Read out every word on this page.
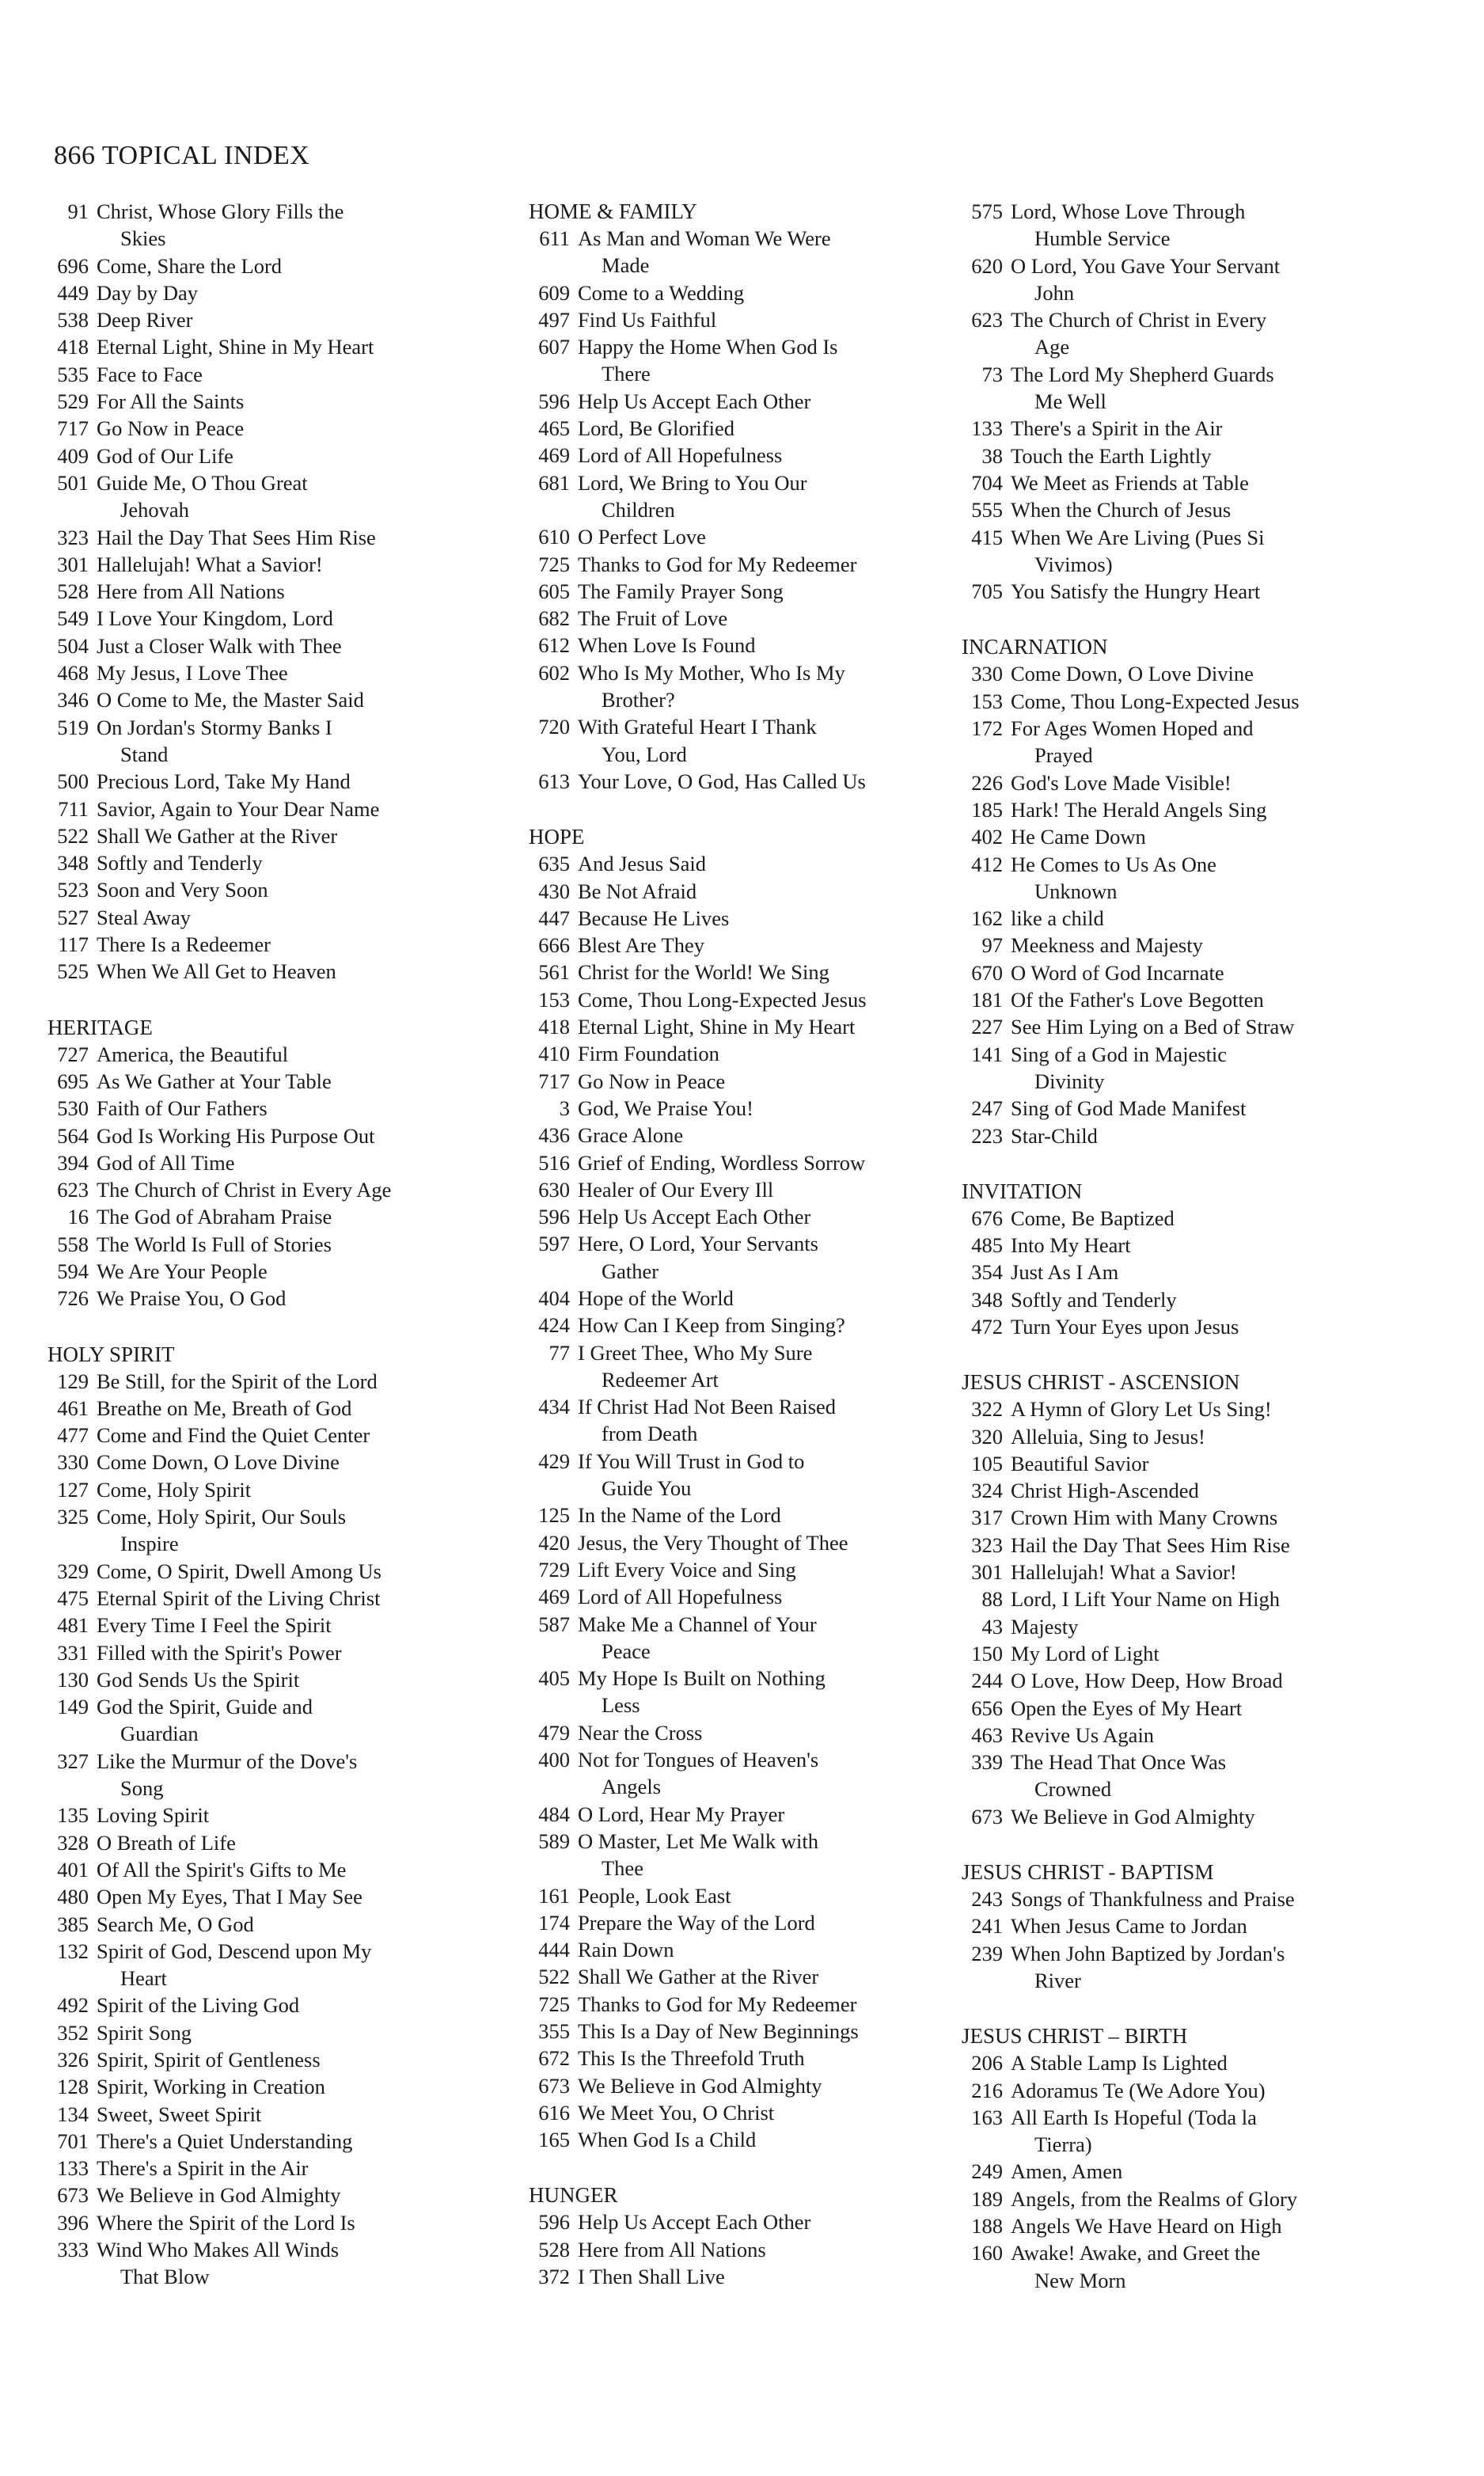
866 TOPICAL INDEX
91 Christ, Whose Glory Fills the
Skies
696 Come, Share the Lord
449 Day by Day
538 Deep River
418 Eternal Light, Shine in My Heart
535 Face to Face
529 For All the Saints
717 Go Now in Peace
409 God of Our Life
501 Guide Me, O Thou Great
Jehovah
323 Hail the Day That Sees Him Rise
301 Hallelujah! What a Savior!
528 Here from All Nations
549 I Love Your Kingdom, Lord
504 Just a Closer Walk with Thee
468 My Jesus, I Love Thee
346 O Come to Me, the Master Said
519 On Jordan's Stormy Banks I
Stand
500 Precious Lord, Take My Hand
711 Savior, Again to Your Dear Name
522 Shall We Gather at the River
348 Softly and Tenderly
523 Soon and Very Soon
527 Steal Away
117 There Is a Redeemer
525 When We All Get to Heaven
HERITAGE
727 America, the Beautiful
695 As We Gather at Your Table
530 Faith of Our Fathers
564 God Is Working His Purpose Out
394 God of All Time
623 The Church of Christ in Every Age
16 The God of Abraham Praise
558 The World Is Full of Stories
594 We Are Your People
726 We Praise You, O God
HOLY SPIRIT
129 Be Still, for the Spirit of the Lord
461 Breathe on Me, Breath of God
477 Come and Find the Quiet Center
330 Come Down, O Love Divine
127 Come, Holy Spirit
325 Come, Holy Spirit, Our Souls
Inspire
329 Come, O Spirit, Dwell Among Us
475 Eternal Spirit of the Living Christ
481 Every Time I Feel the Spirit
331 Filled with the Spirit's Power
130 God Sends Us the Spirit
149 God the Spirit, Guide and
Guardian
327 Like the Murmur of the Dove's
Song
135 Loving Spirit
328 O Breath of Life
401 Of All the Spirit's Gifts to Me
480 Open My Eyes, That I May See
385 Search Me, O God
132 Spirit of God, Descend upon My
Heart
492 Spirit of the Living God
352 Spirit Song
326 Spirit, Spirit of Gentleness
128 Spirit, Working in Creation
134 Sweet, Sweet Spirit
701 There's a Quiet Understanding
133 There's a Spirit in the Air
673 We Believe in God Almighty
396 Where the Spirit of the Lord Is
333 Wind Who Makes All Winds
That Blow
HOME & FAMILY
611 As Man and Woman We Were
Made
609 Come to a Wedding
497 Find Us Faithful
607 Happy the Home When God Is
There
596 Help Us Accept Each Other
465 Lord, Be Glorified
469 Lord of All Hopefulness
681 Lord, We Bring to You Our
Children
610 O Perfect Love
725 Thanks to God for My Redeemer
605 The Family Prayer Song
682 The Fruit of Love
612 When Love Is Found
602 Who Is My Mother, Who Is My
Brother?
720 With Grateful Heart I Thank
You, Lord
613 Your Love, O God, Has Called Us
HOPE
635 And Jesus Said
430 Be Not Afraid
447 Because He Lives
666 Blest Are They
561 Christ for the World! We Sing
153 Come, Thou Long-Expected Jesus
418 Eternal Light, Shine in My Heart
410 Firm Foundation
717 Go Now in Peace
3 God, We Praise You!
436 Grace Alone
516 Grief of Ending, Wordless Sorrow
630 Healer of Our Every Ill
596 Help Us Accept Each Other
597 Here, O Lord, Your Servants
Gather
404 Hope of the World
424 How Can I Keep from Singing?
77 I Greet Thee, Who My Sure
Redeemer Art
434 If Christ Had Not Been Raised
from Death
429 If You Will Trust in God to
Guide You
125 In the Name of the Lord
420 Jesus, the Very Thought of Thee
729 Lift Every Voice and Sing
469 Lord of All Hopefulness
587 Make Me a Channel of Your
Peace
405 My Hope Is Built on Nothing
Less
479 Near the Cross
400 Not for Tongues of Heaven's
Angels
484 O Lord, Hear My Prayer
589 O Master, Let Me Walk with
Thee
161 People, Look East
174 Prepare the Way of the Lord
444 Rain Down
522 Shall We Gather at the River
725 Thanks to God for My Redeemer
355 This Is a Day of New Beginnings
672 This Is the Threefold Truth
673 We Believe in God Almighty
616 We Meet You, O Christ
165 When God Is a Child
HUNGER
596 Help Us Accept Each Other
528 Here from All Nations
372 I Then Shall Live
575 Lord, Whose Love Through
Humble Service
620 O Lord, You Gave Your Servant
John
623 The Church of Christ in Every
Age
73 The Lord My Shepherd Guards
Me Well
133 There's a Spirit in the Air
38 Touch the Earth Lightly
704 We Meet as Friends at Table
555 When the Church of Jesus
415 When We Are Living (Pues Si
Vivimos)
705 You Satisfy the Hungry Heart
INCARNATION
330 Come Down, O Love Divine
153 Come, Thou Long-Expected Jesus
172 For Ages Women Hoped and
Prayed
226 God's Love Made Visible!
185 Hark! The Herald Angels Sing
402 He Came Down
412 He Comes to Us As One
Unknown
162 like a child
97 Meekness and Majesty
670 O Word of God Incarnate
181 Of the Father's Love Begotten
227 See Him Lying on a Bed of Straw
141 Sing of a God in Majestic
Divinity
247 Sing of God Made Manifest
223 Star-Child
INVITATION
676 Come, Be Baptized
485 Into My Heart
354 Just As I Am
348 Softly and Tenderly
472 Turn Your Eyes upon Jesus
JESUS CHRIST - ASCENSION
322 A Hymn of Glory Let Us Sing!
320 Alleluia, Sing to Jesus!
105 Beautiful Savior
324 Christ High-Ascended
317 Crown Him with Many Crowns
323 Hail the Day That Sees Him Rise
301 Hallelujah! What a Savior!
88 Lord, I Lift Your Name on High
43 Majesty
150 My Lord of Light
244 O Love, How Deep, How Broad
656 Open the Eyes of My Heart
463 Revive Us Again
339 The Head That Once Was
Crowned
673 We Believe in God Almighty
JESUS CHRIST - BAPTISM
243 Songs of Thankfulness and Praise
241 When Jesus Came to Jordan
239 When John Baptized by Jordan's
River
JESUS CHRIST – BIRTH
206 A Stable Lamp Is Lighted
216 Adoramus Te (We Adore You)
163 All Earth Is Hopeful (Toda la
Tierra)
249 Amen, Amen
189 Angels, from the Realms of Glory
188 Angels We Have Heard on High
160 Awake! Awake, and Greet the
New Morn
